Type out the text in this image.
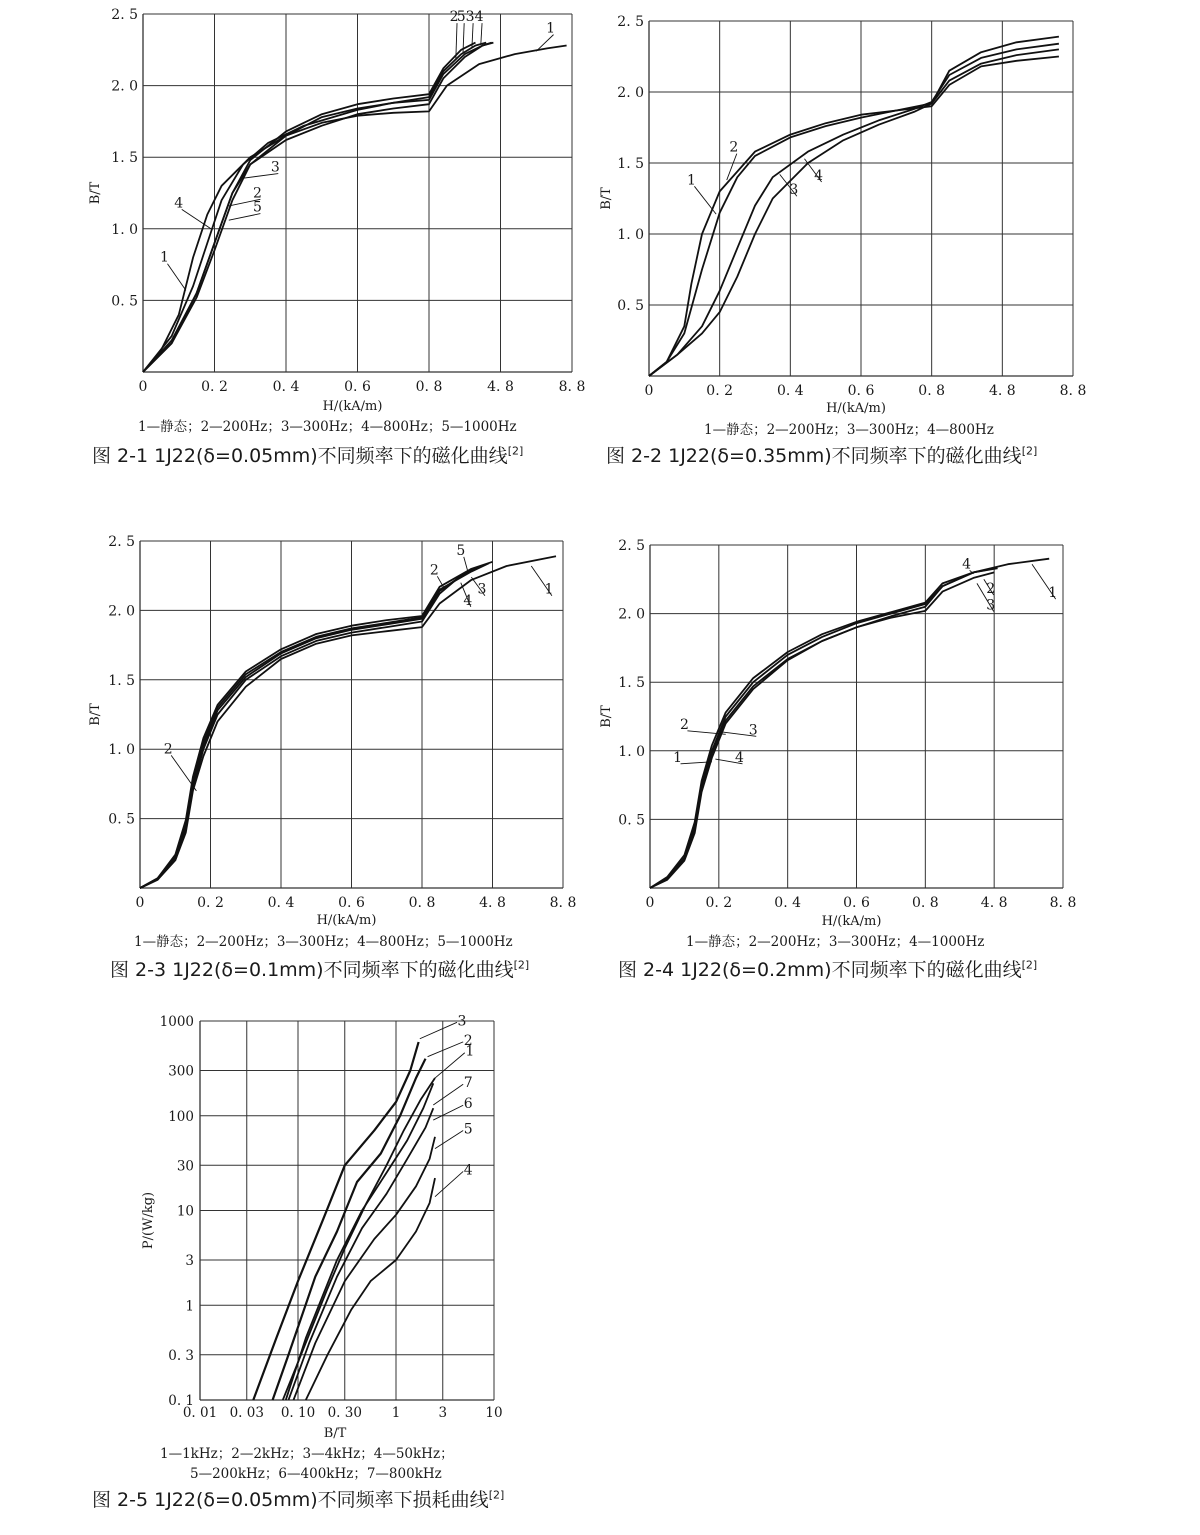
0	0. 2	0. 4	0. 6	0. 8	4. 8	8. 8
0. 5
1. 0
1. 5
2. 0
2. 5
H/(kA/m)
B/T
1
4
3
2
5
2
5 3 4
1
1—静态；2—200Hz；3—300Hz；4—800Hz；5—1000Hz
图 2-1 1J22(δ=0.05mm)不同频率下的磁化曲线[2]
0	0. 2	0. 4	0. 6	0. 8	4. 8	8. 8
0. 5
1. 0
1. 5
2. 0
2. 5
H/(kA/m)
B/T
1
2
3
4
1—静态；2—200Hz；3—300Hz；4—800Hz
图 2-2 1J22(δ=0.35mm)不同频率下的磁化曲线[2]
0	0. 2	0. 4	0. 6	0. 8	4. 8	8. 8
0. 5
1. 0
1. 5
2. 0
2. 5
H/(kA/m)
B/T
2
2
5
3
4
1
1—静态；2—200Hz；3—300Hz；4—800Hz；5—1000Hz
图 2-3 1J22(δ=0.1mm)不同频率下的磁化曲线[2]
0	0. 2	0. 4	0. 6	0. 8	4. 8	8. 8
0. 5
1. 0
1. 5
2. 0
2. 5
H/(kA/m)
B/T	2	3
1	4
4
2
3
1
1—静态；2—200Hz；3—300Hz；4—1000Hz
图 2-4 1J22(δ=0.2mm)不同频率下的磁化曲线[2]
0. 01 0. 03 0. 10 0. 30 1	3	10
0. 1
0. 3
1
3
10
30
100
300
1000
B/T
P/(W/kg)
3
2
1
7
6
5
4
1—1kHz；2—2kHz；3—4kHz；4—50kHz；
5—200kHz；6—400kHz；7—800kHz
图 2-5 1J22(δ=0.05mm)不同频率下损耗曲线[2]
